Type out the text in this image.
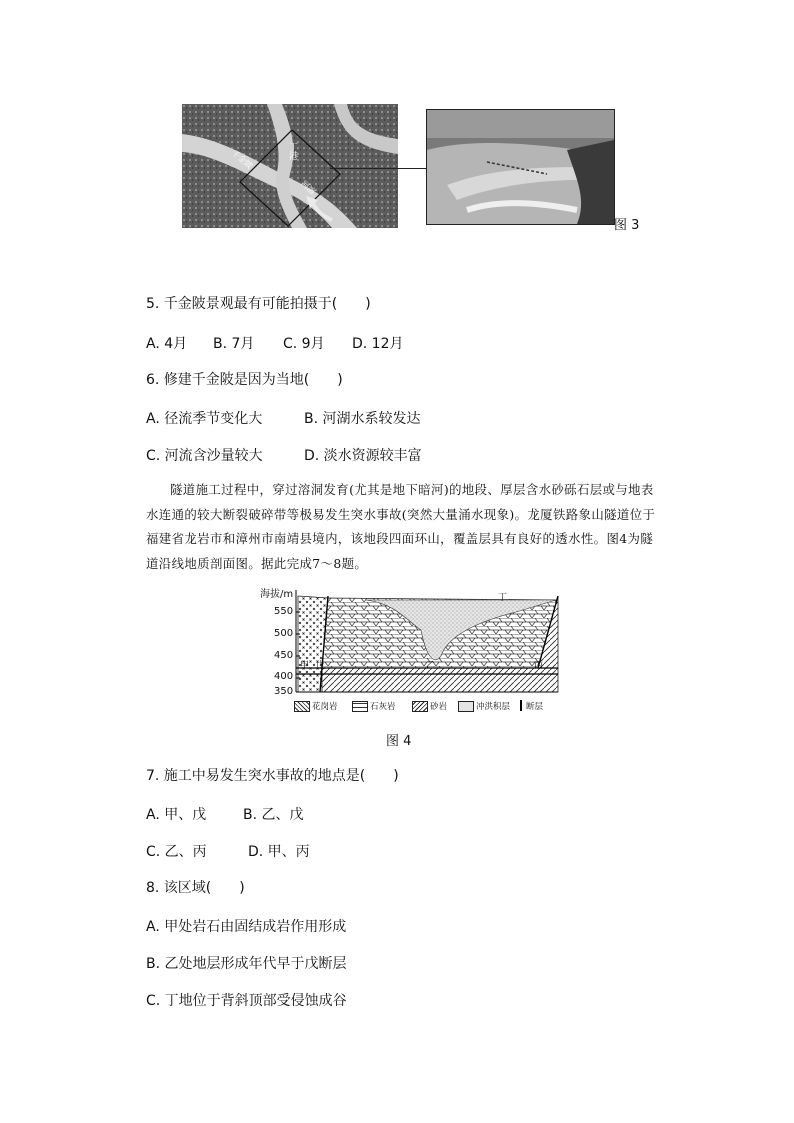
丁港
千金陂
河溶
图 3
5. 千金陂景观最有可能拍摄于(　　)
A. 4月 B. 7月 C. 9月 D. 12月
6. 修建千金陂是因为当地(　　)
A. 径流季节变化大	B. 河湖水系较发达
C. 河流含沙量较大	D. 淡水资源较丰富
隧道施工过程中，穿过溶洞发育(尤其是地下暗河)的地段、厚层含水砂砾石层或与地表
水连通的较大断裂破碎带等极易发生突水事故(突然大量涌水现象)。龙厦铁路象山隧道位于
福建省龙岩市和漳州市南靖县境内，该地段四面环山，覆盖层具有良好的透水性。图4为隧
道沿线地质剖面图。据此完成7～8题。
海拔/m
550
500
450
400
350
甲 戊	乙	丙
丁
花岗岩	石灰岩	砂岩	冲洪积层 断层
图 4
7. 施工中易发生突水事故的地点是(　　)
A. 甲、戊	B. 乙、戊
C. 乙、丙	D. 甲、丙
8. 该区域(　　)
A. 甲处岩石由固结成岩作用形成
B. 乙处地层形成年代早于戊断层
C. 丁地位于背斜顶部受侵蚀成谷
